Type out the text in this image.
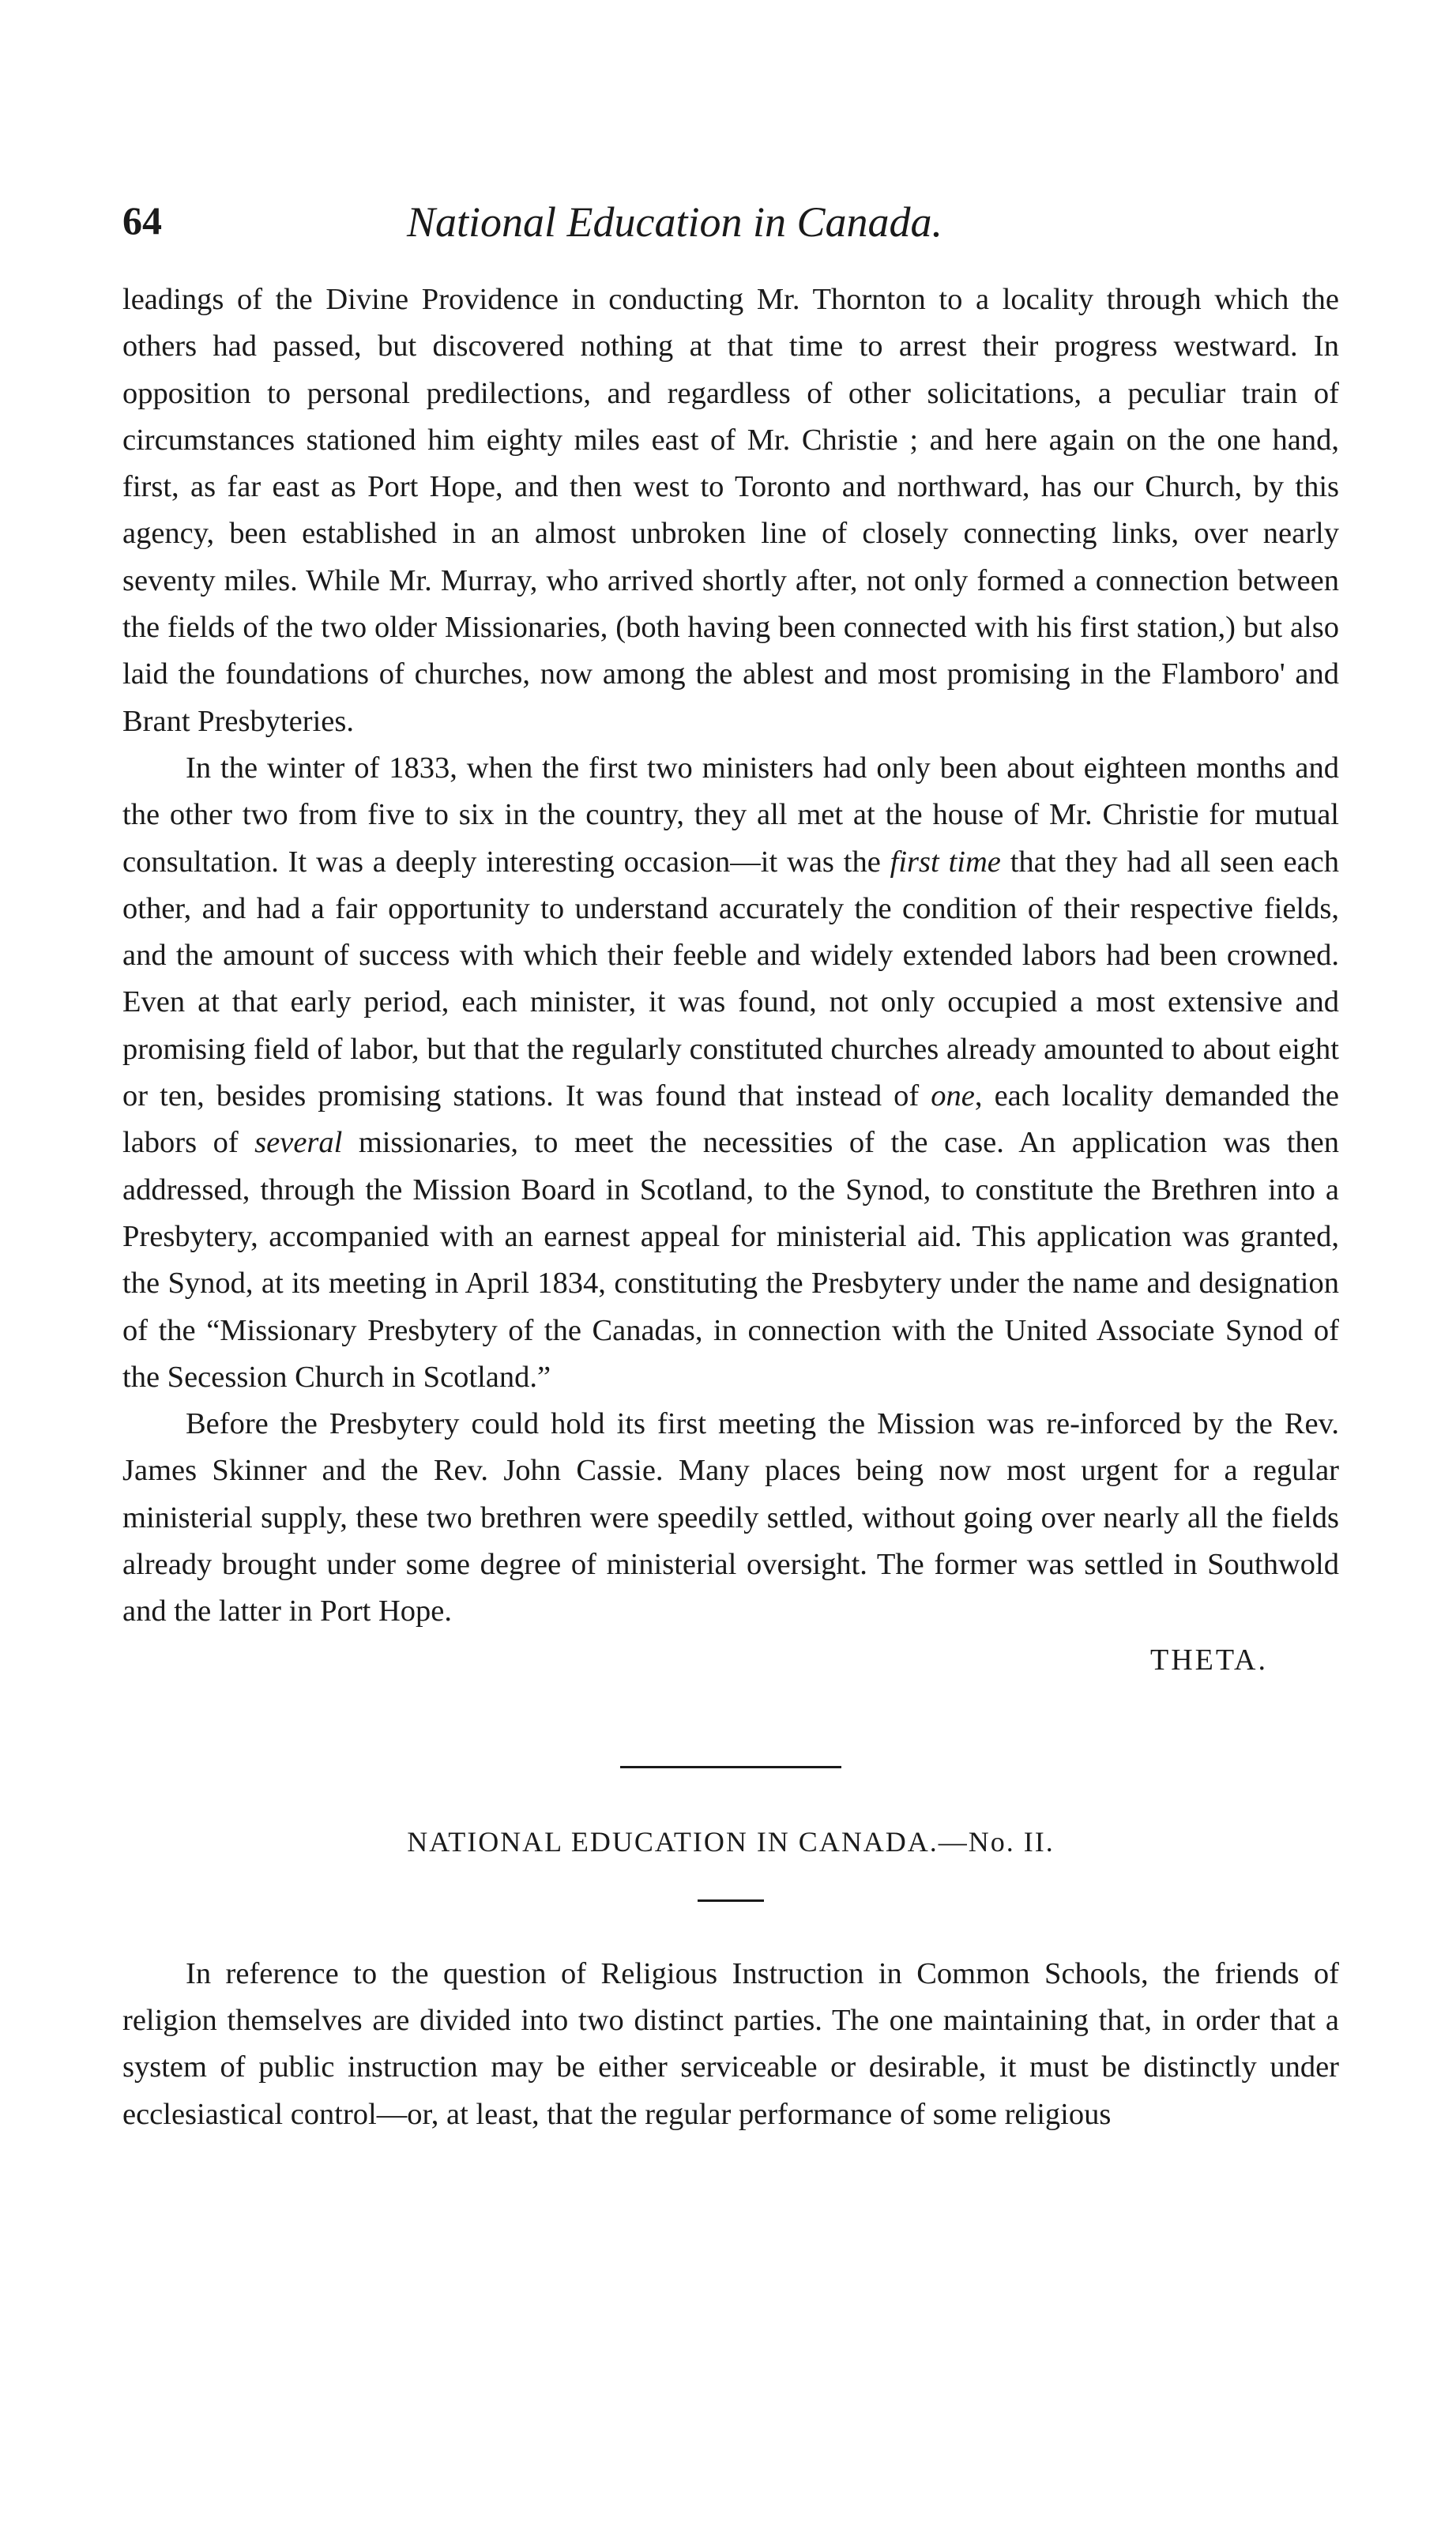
64	National Education in Canada.

leadings of the Divine Providence in conducting Mr. Thornton to a locality through which the others had passed, but discovered nothing at that time to arrest their progress westward. In opposition to personal predilections, and regardless of other solicitations, a peculiar train of circumstances stationed him eighty miles east of Mr. Christie ; and here again on the one hand, first, as far east as Port Hope, and then west to Toronto and northward, has our Church, by this agency, been established in an almost unbroken line of closely connecting links, over nearly seventy miles. While Mr. Murray, who arrived shortly after, not only formed a connection between the fields of the two older Missionaries, (both having been connected with his first station,) but also laid the foundations of churches, now among the ablest and most promising in the Flamboro' and Brant Presbyteries.

In the winter of 1833, when the first two ministers had only been about eighteen months and the other two from five to six in the country, they all met at the house of Mr. Christie for mutual consultation. It was a deeply interesting occasion—it was the first time that they had all seen each other, and had a fair opportunity to understand accurately the condition of their respective fields, and the amount of success with which their feeble and widely extended labors had been crowned. Even at that early period, each minister, it was found, not only occupied a most extensive and promising field of labor, but that the regularly constituted churches already amounted to about eight or ten, besides promising stations. It was found that instead of one, each locality demanded the labors of several missionaries, to meet the necessities of the case. An application was then addressed, through the Mission Board in Scotland, to the Synod, to constitute the Brethren into a Presbytery, accompanied with an earnest appeal for ministerial aid. This application was granted, the Synod, at its meeting in April 1834, constituting the Presbytery under the name and designation of the “Missionary Presbytery of the Canadas, in connection with the United Associate Synod of the Secession Church in Scotland.”

Before the Presbytery could hold its first meeting the Mission was re-inforced by the Rev. James Skinner and the Rev. John Cassie. Many places being now most urgent for a regular ministerial supply, these two brethren were speedily settled, without going over nearly all the fields already brought under some degree of ministerial oversight. The former was settled in Southwold and the latter in Port Hope.

THETA.
NATIONAL EDUCATION IN CANADA.—No. II.

In reference to the question of Religious Instruction in Common Schools, the friends of religion themselves are divided into two distinct parties. The one maintaining that, in order that a system of public instruction may be either serviceable or desirable, it must be distinctly under ecclesiastical control—or, at least, that the regular performance of some religious
